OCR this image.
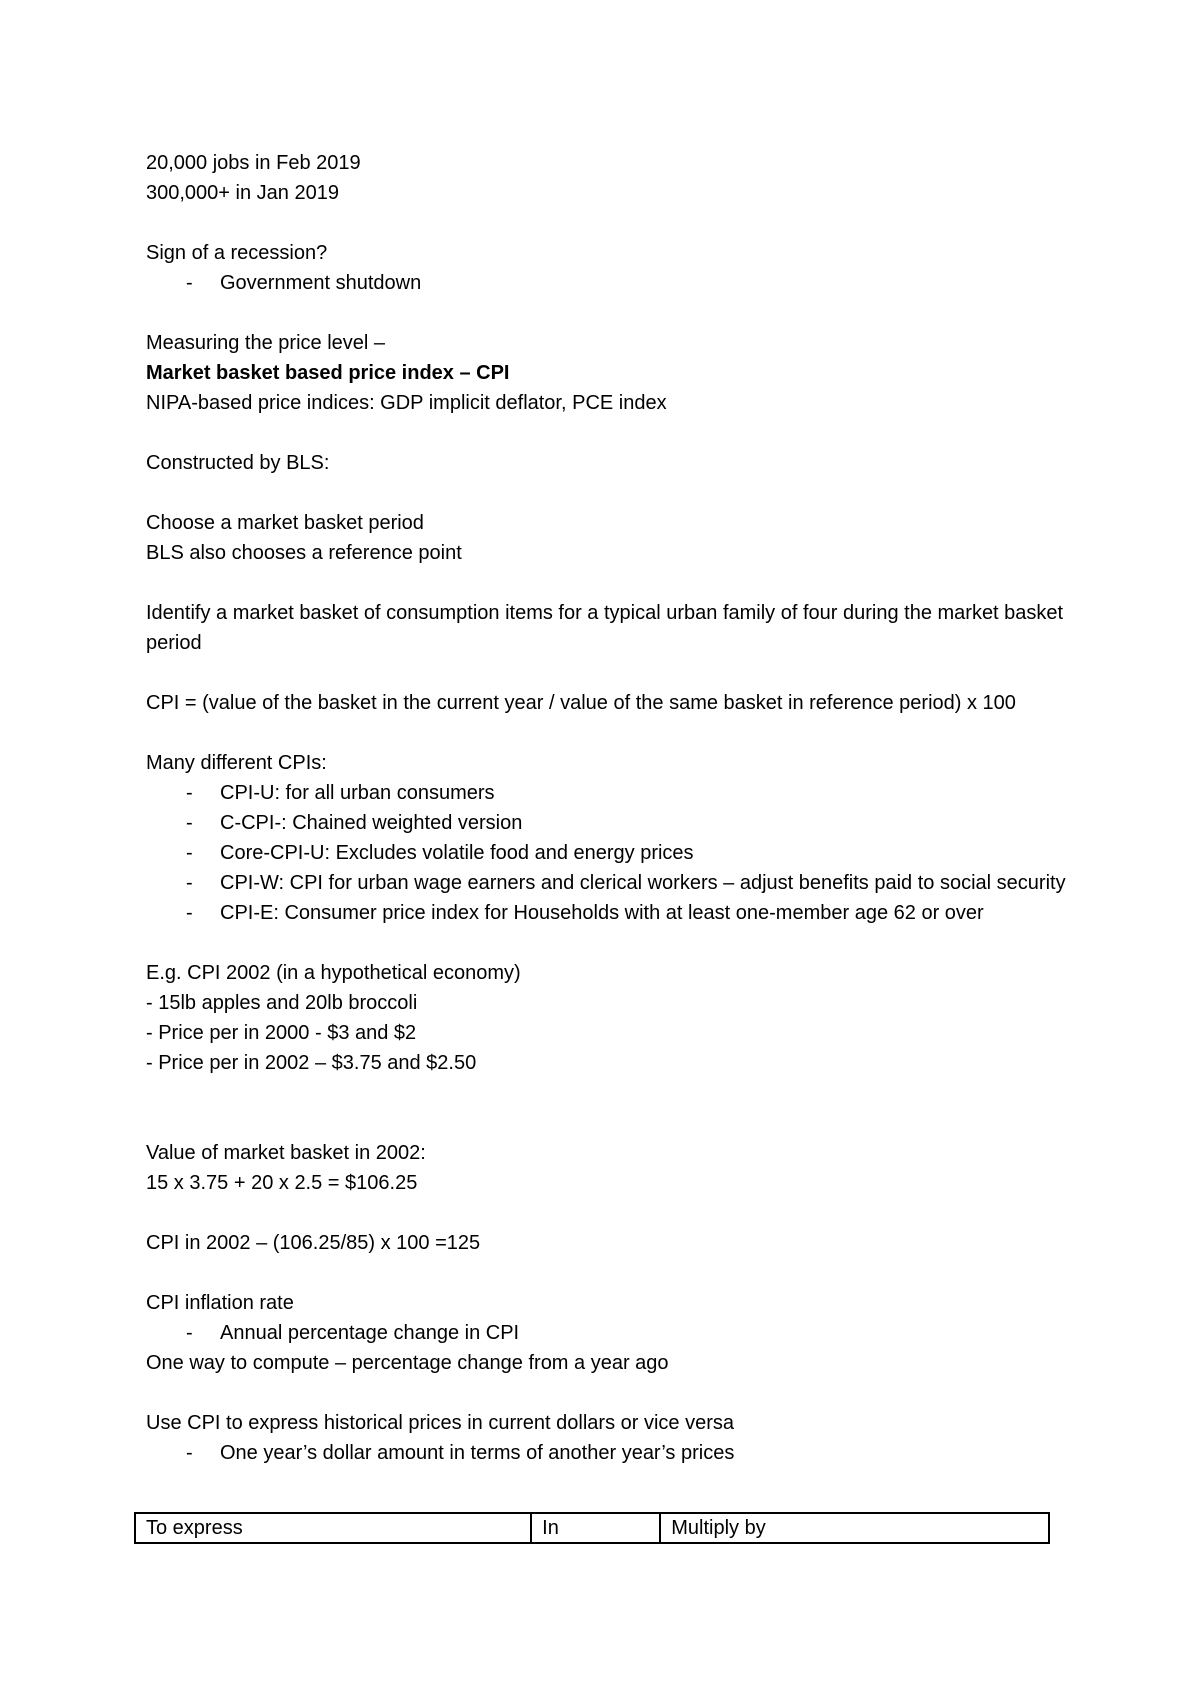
20,000 jobs in Feb 2019
300,000+ in Jan 2019
Sign of a recession?
- Government shutdown
Measuring the price level –
Market basket based price index – CPI
NIPA-based price indices: GDP implicit deflator, PCE index
Constructed by BLS:
Choose a market basket period
BLS also chooses a reference point
Identify a market basket of consumption items for a typical urban family of four during the market basket period
CPI = (value of the basket in the current year / value of the same basket in reference period) x 100
Many different CPIs:
- CPI-U: for all urban consumers
- C-CPI-: Chained weighted version
- Core-CPI-U: Excludes volatile food and energy prices
- CPI-W: CPI for urban wage earners and clerical workers – adjust benefits paid to social security
- CPI-E: Consumer price index for Households with at least one-member age 62 or over
E.g. CPI 2002 (in a hypothetical economy)
- 15lb apples and 20lb broccoli
- Price per in 2000 - $3 and $2
- Price per in 2002 – $3.75 and $2.50
Value of market basket in 2002:
15 x 3.75 + 20 x 2.5 = $106.25
CPI in 2002 – (106.25/85) x 100 =125
CPI inflation rate
- Annual percentage change in CPI
One way to compute – percentage change from a year ago
Use CPI to express historical prices in current dollars or vice versa
- One year’s dollar amount in terms of another year’s prices
To express	In	Multiply by
